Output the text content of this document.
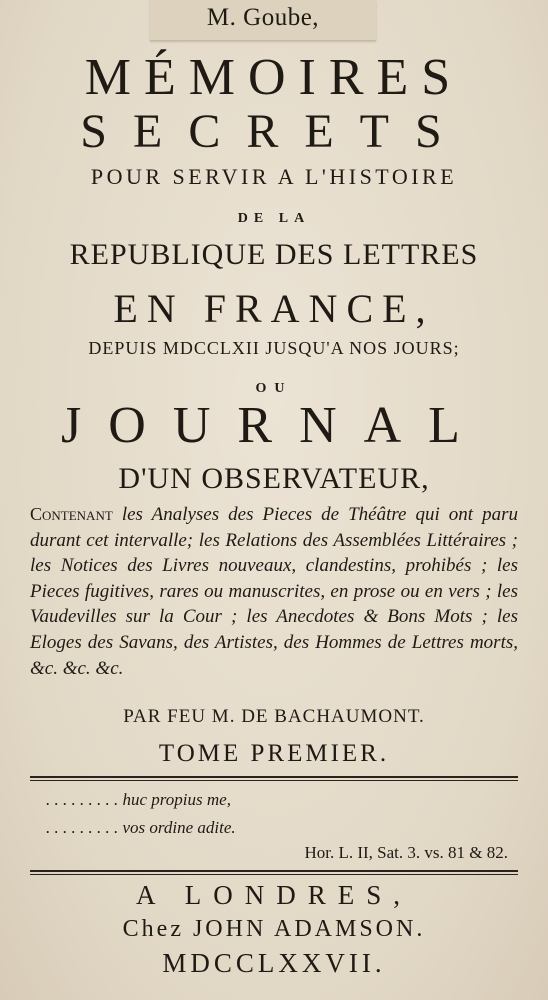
M. Goube,
MÉMOIRES
SECRETS
POUR SERVIR A L'HISTOIRE
DE LA
REPUBLIQUE DES LETTRES
EN FRANCE,
DEPUIS MDCCLXII JUSQU'A NOS JOURS;
OU
JOURNAL
D'UN OBSERVATEUR,
Contenant les Analyses des Pieces de Théâtre qui ont paru durant cet intervalle; les Relations des Assemblées Littéraires ; les Notices des Livres nouveaux, clandestins, prohibés ; les Pieces fugitives, rares ou manuscrites, en prose ou en vers ; les Vaudevilles sur la Cour ; les Anecdotes & Bons Mots ; les Eloges des Savans, des Artistes, des Hommes de Lettres morts, &c. &c. &c.
PAR FEU M. DE BACHAUMONT.
TOME PREMIER.
. . . . . . . . . huc propius me,
. . . . . . . . . vos ordine adite.
Hor. L. II, Sat. 3. vs. 81 & 82.
A LONDRES,
Chez JOHN ADAMSON.
MDCCLXXVII.
